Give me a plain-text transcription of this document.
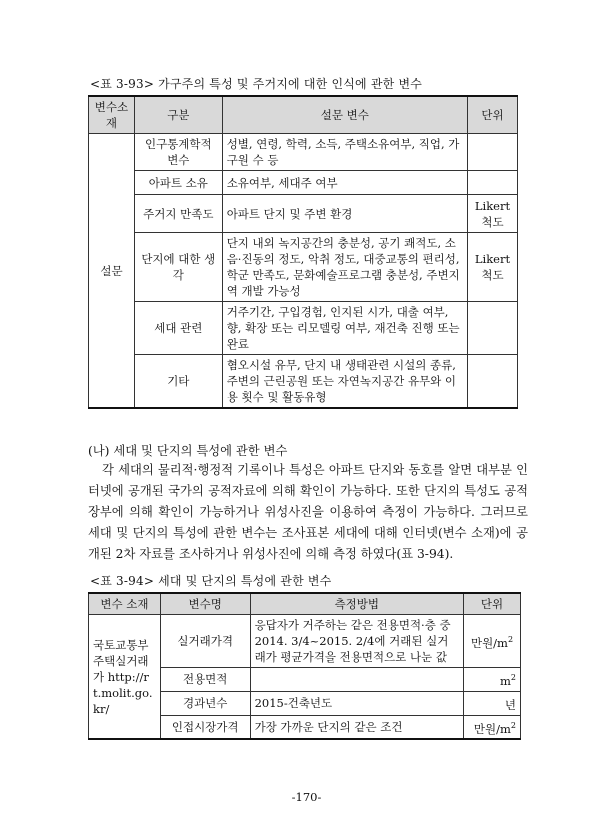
<표 3-93> 가구주의 특성 및 주거지에 대한 인식에 관한 변수
변수소재	구분	설문 변수	단위
설문	인구통계학적 변수	성별, 연령, 학력, 소득, 주택소유여부, 직업, 가구원 수 등	
	아파트 소유	소유여부, 세대주 여부	
	주거지 만족도	아파트 단지 및 주변 환경	Likert 척도
	단지에 대한 생각	단지 내외 녹지공간의 충분성, 공기 쾌적도, 소음·진동의 정도, 악취 정도, 대중교통의 편리성, 학군 만족도, 문화예술프로그램 충분성, 주변지역 개발 가능성	Likert 척도
	세대 관련	거주기간, 구입경험, 인지된 시가, 대출 여부, 향, 확장 또는 리모델링 여부, 재건축 진행 또는 완료	
	기타	혐오시설 유무, 단지 내 생태관련 시설의 종류, 주변의 근린공원 또는 자연녹지공간 유무와 이용 횟수 및 활동유형	
(나) 세대 및 단지의 특성에 관한 변수

각 세대의 물리적·행정적 기록이나 특성은 아파트 단지와 동호를 알면 대부분 인터넷에 공개된 국가의 공적자료에 의해 확인이 가능하다. 또한 단지의 특성도 공적장부에 의해 확인이 가능하거나 위성사진을 이용하여 측정이 가능하다. 그러므로 세대 및 단지의 특성에 관한 변수는 조사표본 세대에 대해 인터넷(변수 소재)에 공개된 2차 자료를 조사하거나 위성사진에 의해 측정 하였다(표 3-94).

<표 3-94> 세대 및 단지의 특성에 관한 변수
변수 소재	변수명	측정방법	단위
국토교통부 주택실거래가 http://rt.molit.go.kr/	실거래가격	응답자가 거주하는 같은 전용면적·층 중 2014. 3/4~2015. 2/4에 거래된 실거래가 평균가격을 전용면적으로 나눈 값	만원$/m^2$
	전용면적		$m^2$
	경과년수	2015-건축년도	년
	인접시장가격	가장 가까운 단지의 같은 조건	만원$/m^2$
-170-
